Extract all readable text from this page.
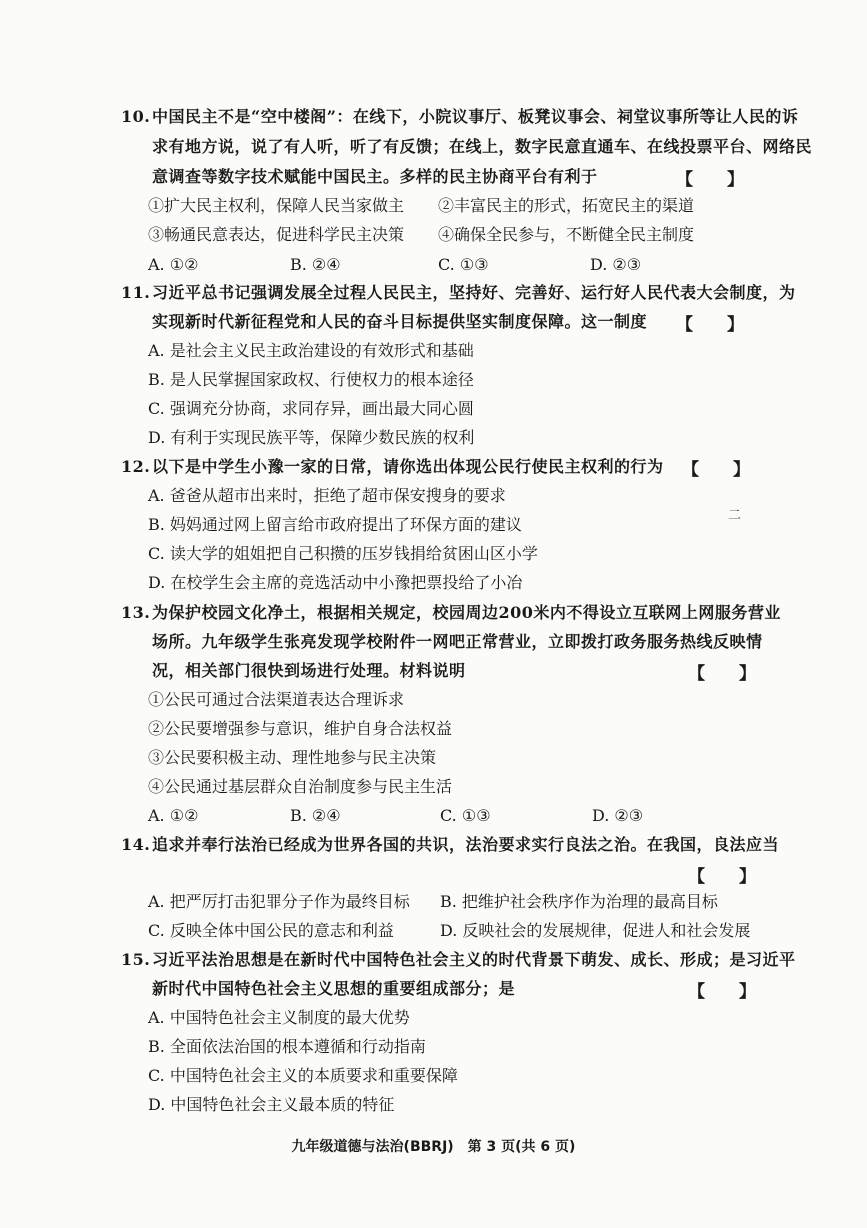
10. 中国民主不是“空中楼阁”：在线下，小院议事厅、板凳议事会、祠堂议事所等让人民的诉
求有地方说，说了有人听，听了有反馈；在线上，数字民意直通车、在线投票平台、网络民
意调查等数字技术赋能中国民主。多样的民主协商平台有利于	【　　】
①扩大民主权利，保障人民当家做主 ②丰富民主的形式，拓宽民主的渠道
③畅通民意表达，促进科学民主决策 ④确保全民参与，不断健全民主制度
A. ①②	B. ②④	C. ①③	D. ②③
11. 习近平总书记强调发展全过程人民民主，坚持好、完善好、运行好人民代表大会制度，为
实现新时代新征程党和人民的奋斗目标提供坚实制度保障。这一制度 【　　】
A. 是社会主义民主政治建设的有效形式和基础
B. 是人民掌握国家政权、行使权力的根本途径
C. 强调充分协商，求同存异，画出最大同心圆
D. 有利于实现民族平等，保障少数民族的权利
12. 以下是中学生小豫一家的日常，请你选出体现公民行使民主权利的行为 【　　】
A. 爸爸从超市出来时，拒绝了超市保安搜身的要求
B. 妈妈通过网上留言给市政府提出了环保方面的建议	二
C. 读大学的姐姐把自己积攒的压岁钱捐给贫困山区小学
D. 在校学生会主席的竞选活动中小豫把票投给了小冶
13. 为保护校园文化净土，根据相关规定，校园周边200米内不得设立互联网上网服务营业
场所。九年级学生张亮发现学校附件一网吧正常营业，立即拨打政务服务热线反映情
况，相关部门很快到场进行处理。材料说明	【　　】
①公民可通过合法渠道表达合理诉求
②公民要增强参与意识，维护自身合法权益
③公民要积极主动、理性地参与民主决策
④公民通过基层群众自治制度参与民主生活
A. ①②	B. ②④	C. ①③	D. ②③
14. 追求并奉行法治已经成为世界各国的共识，法治要求实行良法之治。在我国，良法应当
【　　】
A. 把严厉打击犯罪分子作为最终目标 B. 把维护社会秩序作为治理的最高目标
C. 反映全体中国公民的意志和利益	D. 反映社会的发展规律，促进人和社会发展
15. 习近平法治思想是在新时代中国特色社会主义的时代背景下萌发、成长、形成；是习近平
新时代中国特色社会主义思想的重要组成部分；是	【　　】
A. 中国特色社会主义制度的最大优势
B. 全面依法治国的根本遵循和行动指南
C. 中国特色社会主义的本质要求和重要保障
D. 中国特色社会主义最本质的特征
九年级道德与法治(BBRJ)　第 3 页(共 6 页)
